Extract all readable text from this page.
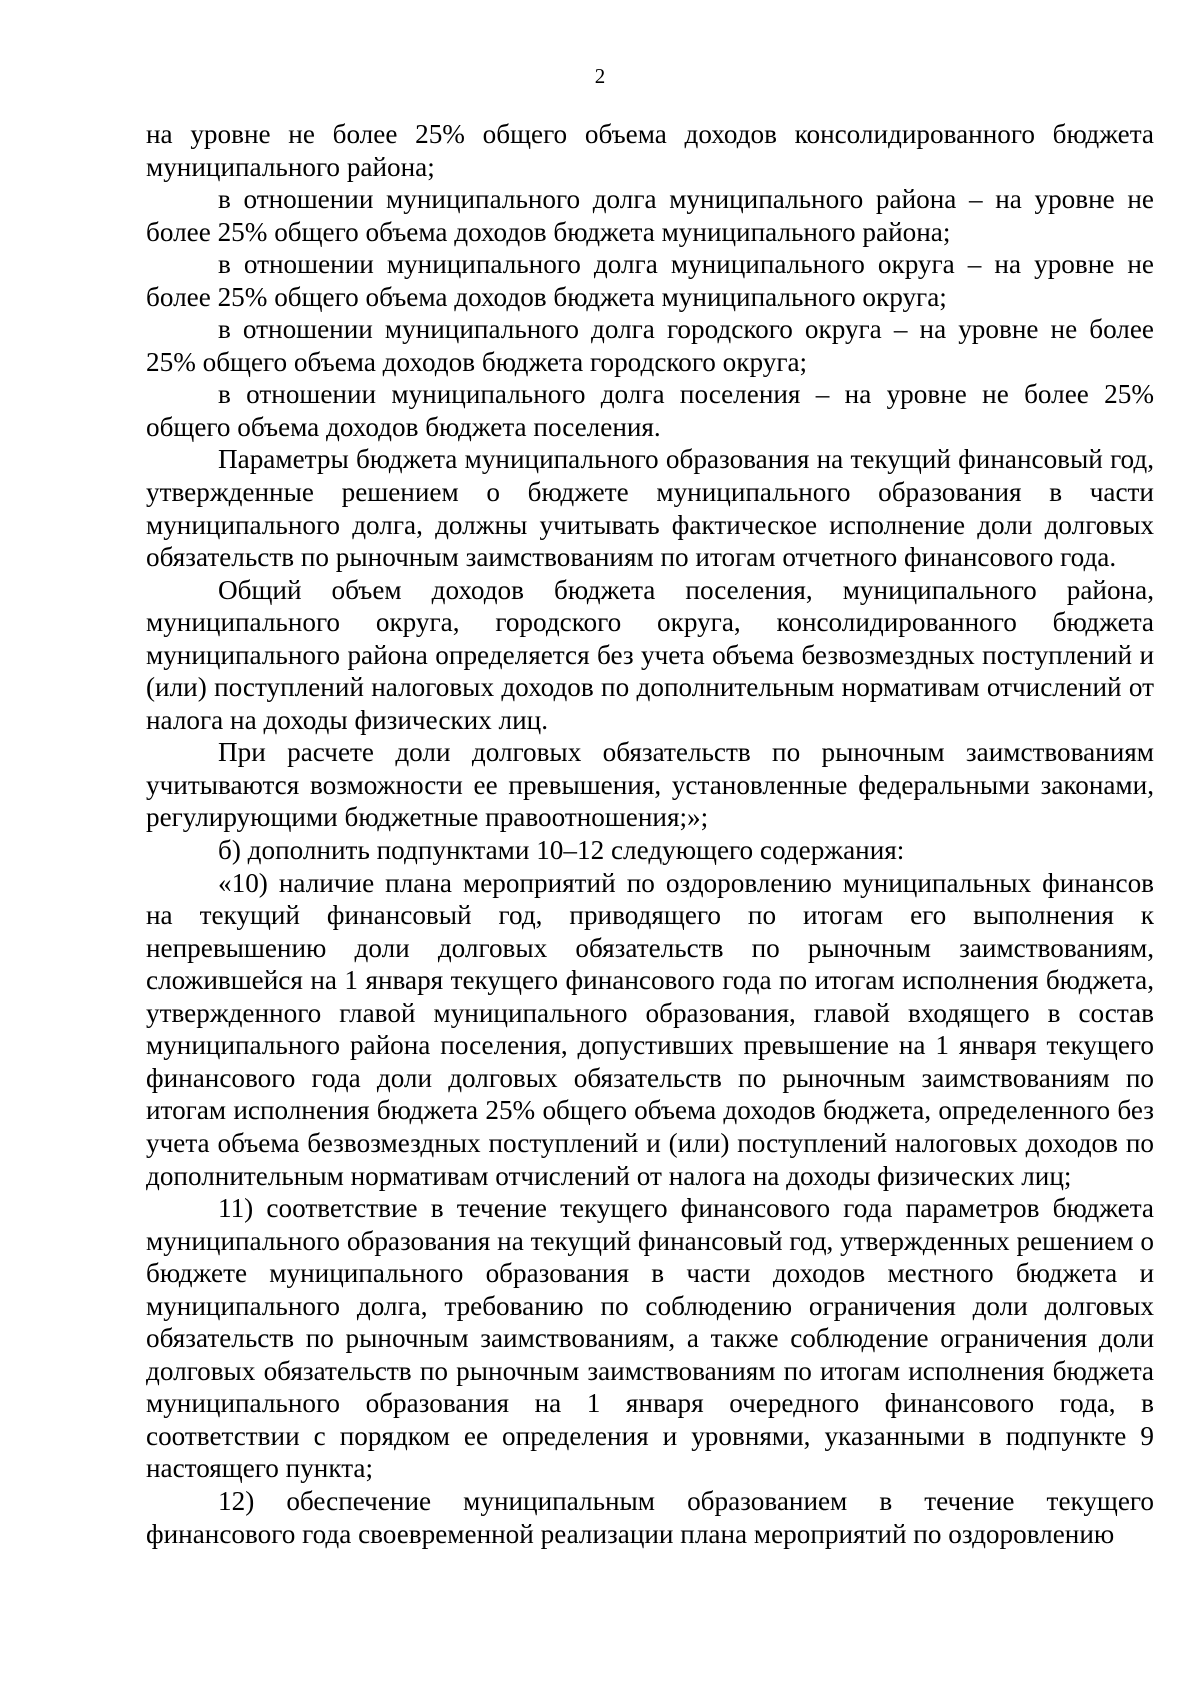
2

на уровне не более 25% общего объема доходов консолидированного бюджета муниципального района;

в отношении муниципального долга муниципального района – на уровне не более 25% общего объема доходов бюджета муниципального района;

в отношении муниципального долга муниципального округа – на уровне не более 25% общего объема доходов бюджета муниципального округа;

в отношении муниципального долга городского округа – на уровне не более 25% общего объема доходов бюджета городского округа;

в отношении муниципального долга поселения – на уровне не более 25% общего объема доходов бюджета поселения.

Параметры бюджета муниципального образования на текущий финансовый год, утвержденные решением о бюджете муниципального образования в части муниципального долга, должны учитывать фактическое исполнение доли долговых обязательств по рыночным заимствованиям по итогам отчетного финансового года.

Общий объем доходов бюджета поселения, муниципального района, муниципального округа, городского округа, консолидированного бюджета муниципального района определяется без учета объема безвозмездных поступлений и (или) поступлений налоговых доходов по дополнительным нормативам отчислений от налога на доходы физических лиц.

При расчете доли долговых обязательств по рыночным заимствованиям учитываются возможности ее превышения, установленные федеральными законами, регулирующими бюджетные правоотношения;»;

б) дополнить подпунктами 10–12 следующего содержания:

«10) наличие плана мероприятий по оздоровлению муниципальных финансов на текущий финансовый год, приводящего по итогам его выполнения к непревышению доли долговых обязательств по рыночным заимствованиям, сложившейся на 1 января текущего финансового года по итогам исполнения бюджета, утвержденного главой муниципального образования, главой входящего в состав муниципального района поселения, допустивших превышение на 1 января текущего финансового года доли долговых обязательств по рыночным заимствованиям по итогам исполнения бюджета 25% общего объема доходов бюджета, определенного без учета объема безвозмездных поступлений и (или) поступлений налоговых доходов по дополнительным нормативам отчислений от налога на доходы физических лиц;

11) соответствие в течение текущего финансового года параметров бюджета муниципального образования на текущий финансовый год, утвержденных решением о бюджете муниципального образования в части доходов местного бюджета и муниципального долга, требованию по соблюдению ограничения доли долговых обязательств по рыночным заимствованиям, а также соблюдение ограничения доли долговых обязательств по рыночным заимствованиям по итогам исполнения бюджета муниципального образования на 1 января очередного финансового года, в соответствии с порядком ее определения и уровнями, указанными в подпункте 9 настоящего пункта;

12) обеспечение муниципальным образованием в течение текущего финансового года своевременной реализации плана мероприятий по оздоровлению
